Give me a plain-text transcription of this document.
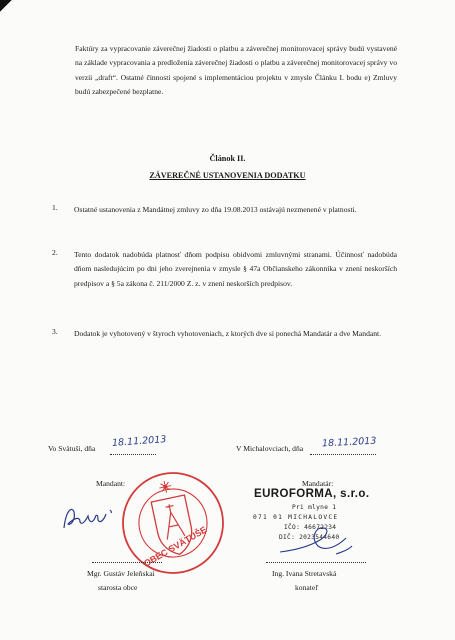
Faktúry za vypracovanie záverečnej žiadosti o platbu a záverečnej monitorovacej správy budú vystavené na základe vypracovania a predloženia záverečnej žiadosti o platbu a záverečnej monitorovacej správy vo verzii „draft“. Ostatné činnosti spojené s implementáciou projektu v zmysle Článku I. bodu e) Zmluvy budú zabezpečené bezplatne.

Článok II.
ZÁVEREČNÉ USTANOVENIA DODATKU
1.	Ostatné ustanovenia z Mandátnej zmluvy zo dňa 19.08.2013 ostávajú nezmenené v platnosti.

2.	Tento dodatok nadobúda platnosť dňom podpisu obidvomi zmluvnými stranami. Účinnosť nadobúda dňom nasledujúcim po dni jeho zverejnenia v zmysle § 47a Občianskeho zákonníka v znení neskorších predpisov a § 5a zákona č. 211/2000 Z. z. v znení neskorších predpisov.

3.	Dodatok je vyhotovený v štyroch vyhotoveniach, z ktorých dve si ponechá Mandatár a dve Mandant.

Vo Svätuši, dňa 18.11.2013	V Michalovciach, dňa 18.11.2013
Mandant:	Mandatár:
OBEC SVÄTUŠE
Mgr. Gustáv Jeleňskai
starosta obce
EUROFORMA, s.r.o.
Pri mlyne 1
071 01 MICHALOVCE
IČO: 46672234
DIČ: 2023544640
Ing. Ivana Stretavská
konateľ
